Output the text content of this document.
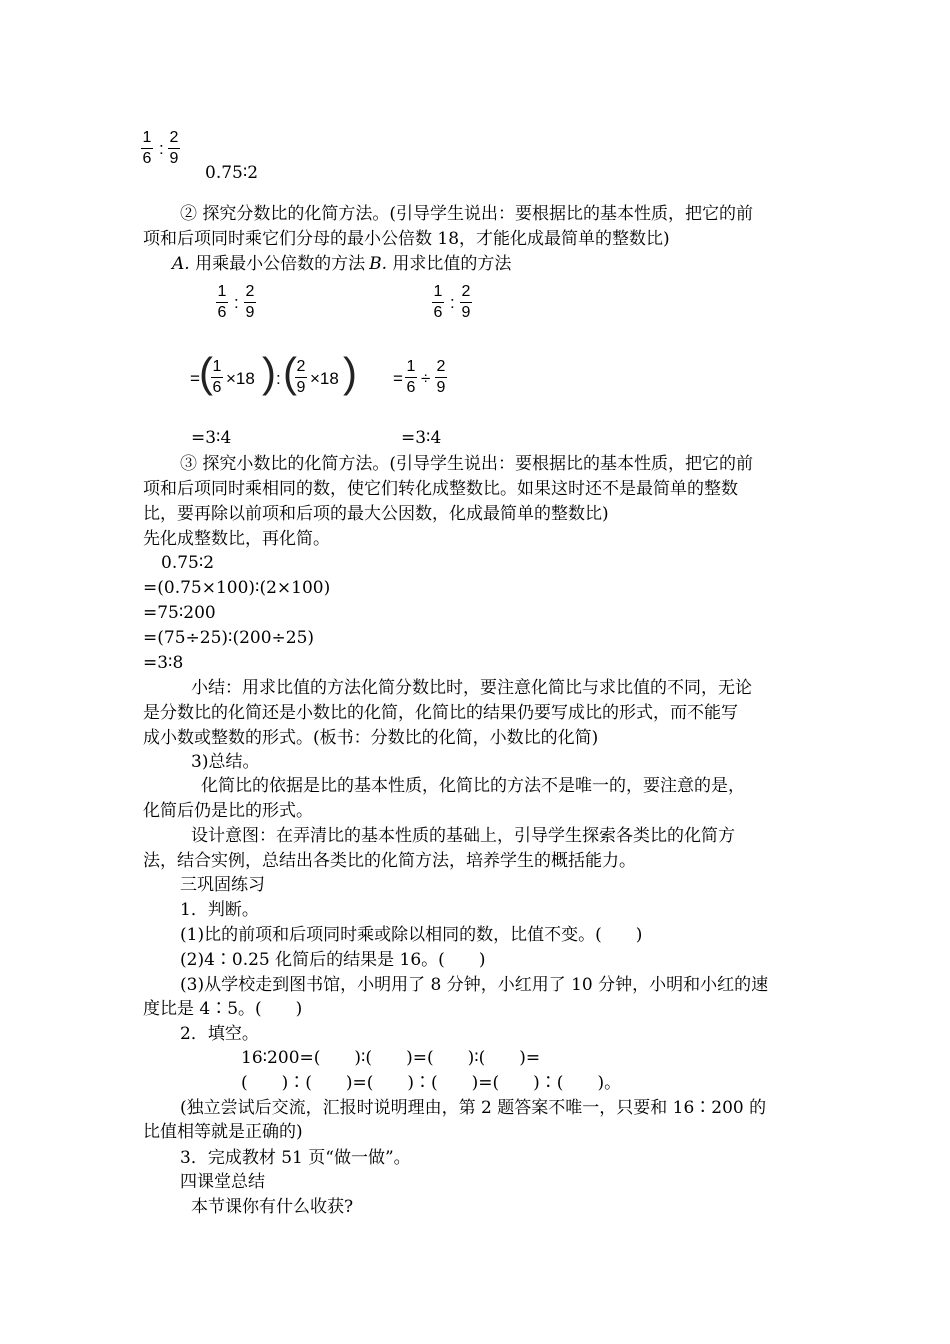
1
6
:
2
9
0.75∶2
② 探究分数比的化简方法。(引导学生说出：要根据比的基本性质，把它的前
项和后项同时乘它们分母的最小公倍数 18，才能化成最简单的整数比)
A. 用乘最小公倍数的方法 B. 用求比值的方法
1
6
:
2
9
1
6
:
2
9
= ( 1
6 ×18 ) : ( 2
9 ×18 ) =
1
6 ÷
2
9
=3∶4	=3∶4
③ 探究小数比的化简方法。(引导学生说出：要根据比的基本性质，把它的前
项和后项同时乘相同的数，使它们转化成整数比。如果这时还不是最简单的整数
比，要再除以前项和后项的最大公因数，化成最简单的整数比)
先化成整数比，再化简。
0.75∶2
=(0.75×100)∶(2×100)
=75∶200
=(75÷25)∶(200÷25)
=3∶8
小结：用求比值的方法化简分数比时，要注意化简比与求比值的不同，无论
是分数比的化简还是小数比的化简，化简比的结果仍要写成比的形式，而不能写
成小数或整数的形式。(板书：分数比的化简，小数比的化简)
3)总结。
化简比的依据是比的基本性质，化简比的方法不是唯一的，要注意的是，
化简后仍是比的形式。
设计意图：在弄清比的基本性质的基础上，引导学生探索各类比的化简方
法，结合实例，总结出各类比的化简方法，培养学生的概括能力。
三巩固练习
1．判断。
(1)比的前项和后项同时乘或除以相同的数，比值不变。(　　)
(2)4∶0.25 化简后的结果是 16。(　　)
(3)从学校走到图书馆，小明用了 8 分钟，小红用了 10 分钟，小明和小红的速
度比是 4∶5。(　　)
2．填空。
16∶200=(　　)∶(　　)=(　　)∶(　　)=
(　　)∶(　　)=(　　)∶(　　)=(　　)∶(　　)。
(独立尝试后交流，汇报时说明理由，第 2 题答案不唯一，只要和 16∶200 的
比值相等就是正确的)
3．完成教材 51 页“做一做”。
四课堂总结
本节课你有什么收获?
